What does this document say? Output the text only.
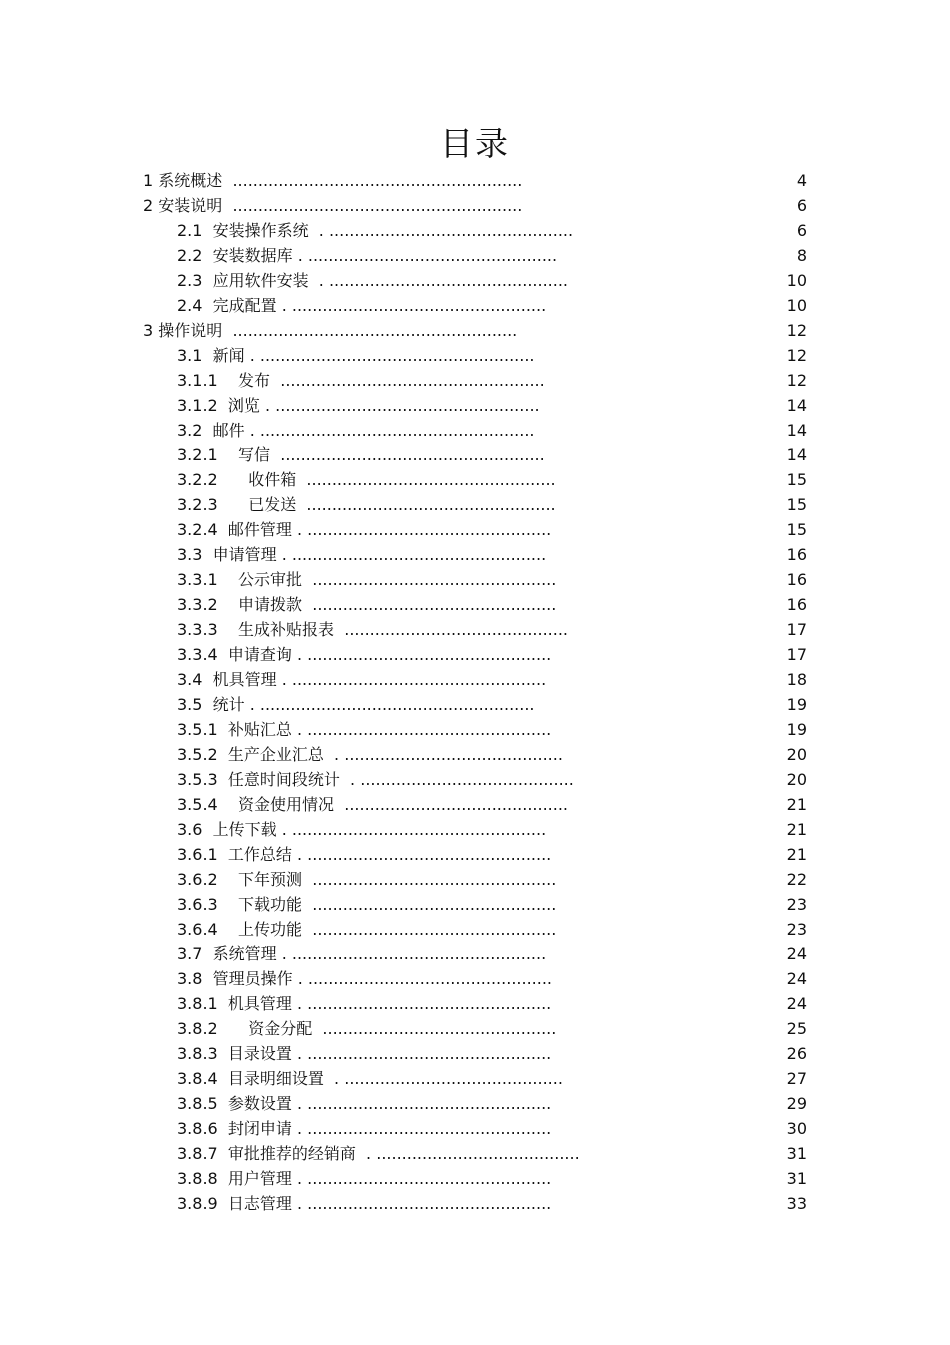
目录
1 系统概述  .........................................................	4
2 安装说明  .........................................................	6
2.1  安装操作系统  . ................................................	6
2.2  安装数据库 . .................................................	8
2.3  应用软件安装  . ...............................................	10
2.4  完成配置 . ..................................................	10
3 操作说明  ........................................................	12
3.1  新闻 . ......................................................	12
3.1.1    发布  ....................................................	12
3.1.2  浏览 . ....................................................	14
3.2  邮件 . ......................................................	14
3.2.1    写信  ....................................................	14
3.2.2      收件箱  .................................................	15
3.2.3      已发送  .................................................	15
3.2.4  邮件管理 . ................................................	15
3.3  申请管理 . ..................................................	16
3.3.1    公示审批  ................................................	16
3.3.2    申请拨款  ................................................	16
3.3.3    生成补贴报表  ............................................	17
3.3.4  申请查询 . ................................................	17
3.4  机具管理 . ..................................................	18
3.5  统计 . ......................................................	19
3.5.1  补贴汇总 . ................................................	19
3.5.2  生产企业汇总  . ...........................................	20
3.5.3  任意时间段统计  . ..........................................	20
3.5.4    资金使用情况  ............................................	21
3.6  上传下载 . ..................................................	21
3.6.1  工作总结 . ................................................	21
3.6.2    下年预测  ................................................	22
3.6.3    下载功能  ................................................	23
3.6.4    上传功能  ................................................	23
3.7  系统管理 . ..................................................	24
3.8  管理员操作 . ................................................	24
3.8.1  机具管理 . ................................................	24
3.8.2      资金分配  ..............................................	25
3.8.3  目录设置 . ................................................	26
3.8.4  目录明细设置  . ...........................................	27
3.8.5  参数设置 . ................................................	29
3.8.6  封闭申请 . ................................................	30
3.8.7  审批推荐的经销商  . ........................................	31
3.8.8  用户管理 . ................................................	31
3.8.9  日志管理 . ................................................	33
